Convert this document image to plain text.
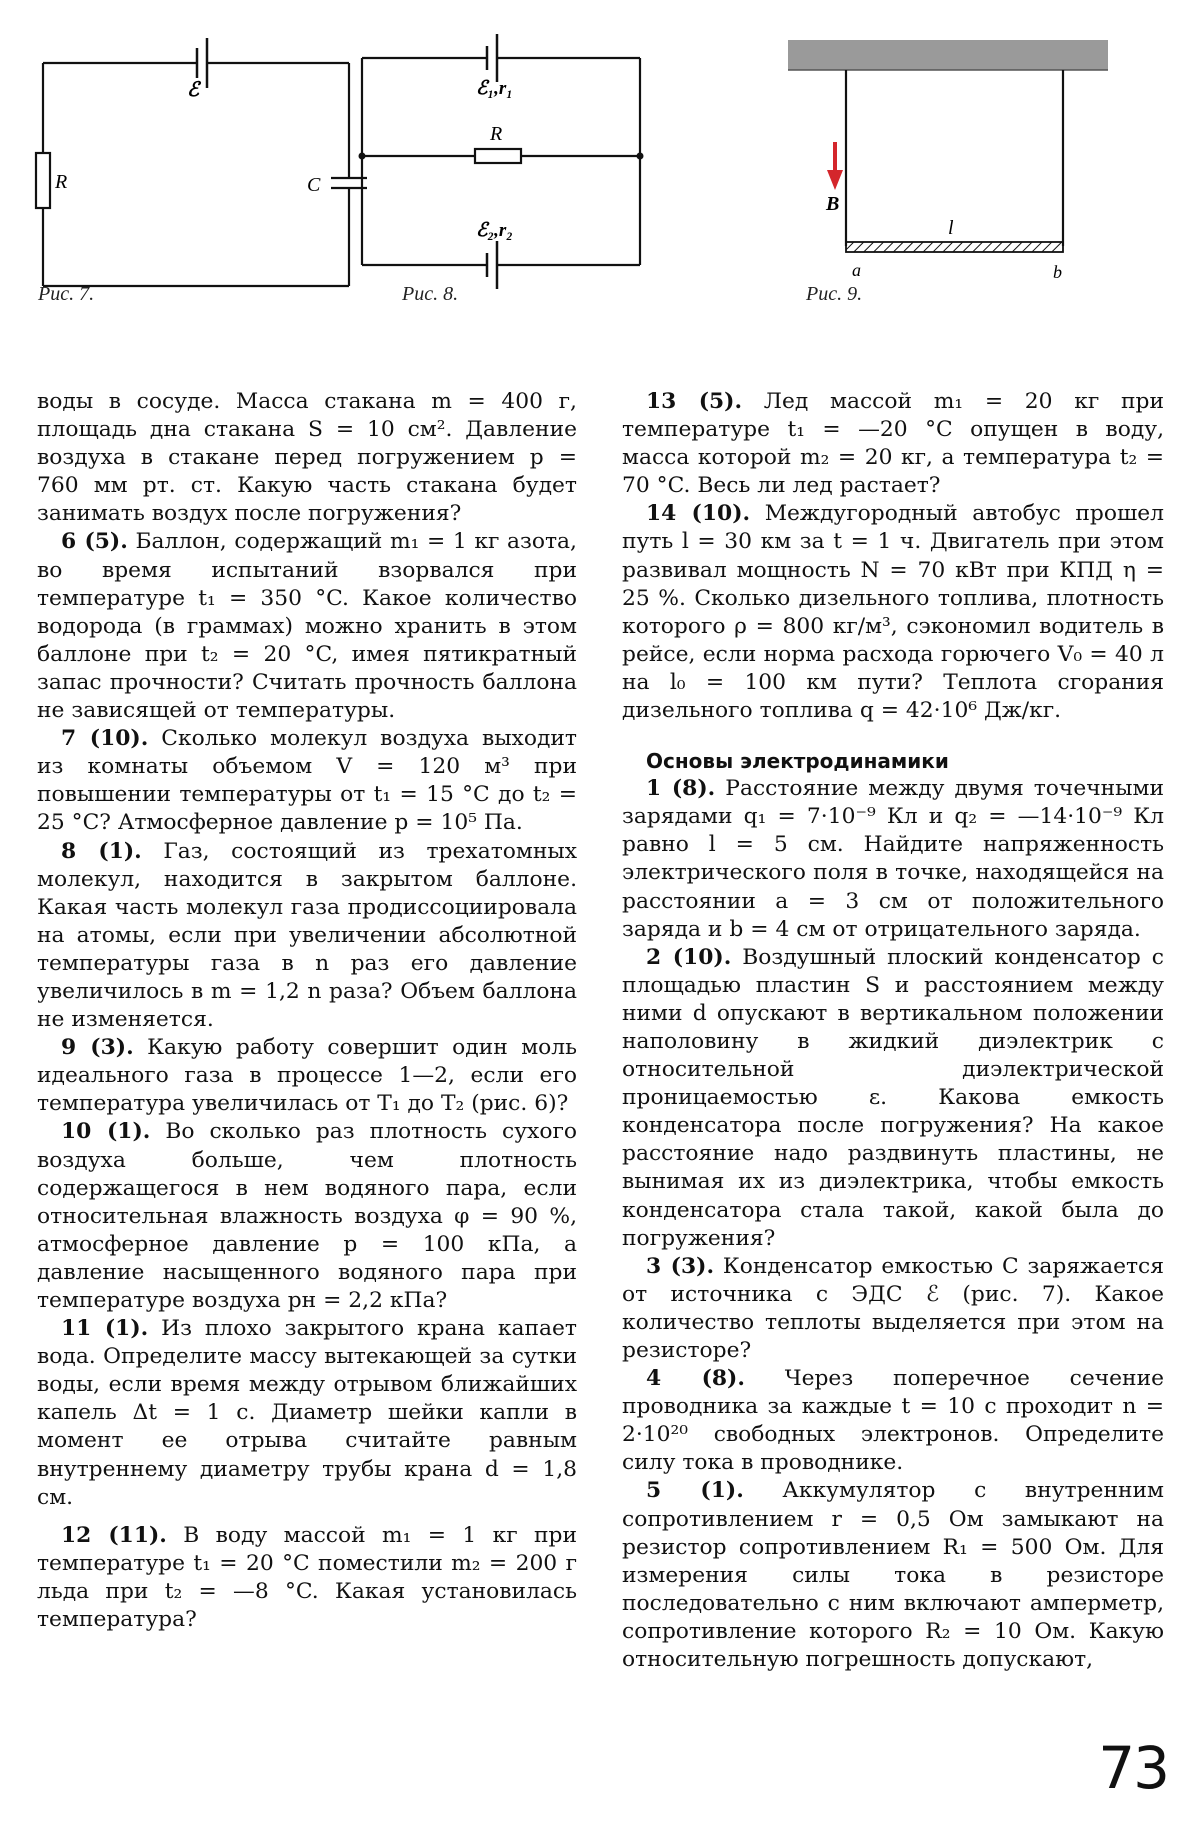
ℰ
R	C
Рис. 7.
ℰ₁,r₁
R
ℰ₂,r₂
Рис. 8.
B
l
a	b
Рис. 9.

воды в сосуде. Масса стакана m = 400 г, площадь дна стакана S = 10 см². Давление воздуха в стакане перед погружением p = 760 мм рт. ст. Какую часть стакана будет занимать воздух после погружения?

6 (5). Баллон, содержащий m₁ = 1 кг азота, во время испытаний взорвался при температуре t₁ = 350 °C. Какое количество водорода (в граммах) можно хранить в этом баллоне при t₂ = 20 °C, имея пятикратный запас прочности? Считать прочность баллона не зависящей от температуры.

7 (10). Сколько молекул воздуха выходит из комнаты объемом V = 120 м³ при повышении температуры от t₁ = 15 °C до t₂ = 25 °C? Атмосферное давление p = 10⁵ Па.

8 (1). Газ, состоящий из трехатомных молекул, находится в закрытом баллоне. Какая часть молекул газа продиссоциировала на атомы, если при увеличении абсолютной температуры газа в n раз его давление увеличилось в m = 1,2 n раза? Объем баллона не изменяется.

9 (3). Какую работу совершит один моль идеального газа в процессе 1—2, если его температура увеличилась от T₁ до T₂ (рис. 6)?

10 (1). Во сколько раз плотность сухого воздуха больше, чем плотность содержащегося в нем водяного пара, если относительная влажность воздуха φ = 90 %, атмосферное давление p = 100 кПа, а давление насыщенного водяного пара при температуре воздуха pн = 2,2 кПа?

11 (1). Из плохо закрытого крана капает вода. Определите массу вытекающей за сутки воды, если время между отрывом ближайших капель Δt = 1 с. Диаметр шейки капли в момент ее отрыва считайте равным внутреннему диаметру трубы крана d = 1,8 см.

12 (11). В воду массой m₁ = 1 кг при температуре t₁ = 20 °C поместили m₂ = 200 г льда при t₂ = —8 °C. Какая установилась температура?

13 (5). Лед массой m₁ = 20 кг при температуре t₁ = —20 °C опущен в воду, масса которой m₂ = 20 кг, а температура t₂ = 70 °C. Весь ли лед растает?

14 (10). Междугородный автобус прошел путь l = 30 км за t = 1 ч. Двигатель при этом развивал мощность N = 70 кВт при КПД η = 25 %. Сколько дизельного топлива, плотность которого ρ = 800 кг/м³, сэкономил водитель в рейсе, если норма расхода горючего V₀ = 40 л на l₀ = 100 км пути? Теплота сгорания дизельного топлива q = 42·10⁶ Дж/кг.

Основы электродинамики

1 (8). Расстояние между двумя точечными зарядами q₁ = 7·10⁻⁹ Кл и q₂ = —14·10⁻⁹ Кл равно l = 5 см. Найдите напряженность электрического поля в точке, находящейся на расстоянии a = 3 см от положительного заряда и b = 4 см от отрицательного заряда.

2 (10). Воздушный плоский конденсатор с площадью пластин S и расстоянием между ними d опускают в вертикальном положении наполовину в жидкий диэлектрик с относительной диэлектрической проницаемостью ε. Какова емкость конденсатора после погружения? На какое расстояние надо раздвинуть пластины, не вынимая их из диэлектрика, чтобы емкость конденсатора стала такой, какой была до погружения?

3 (3). Конденсатор емкостью C заряжается от источника с ЭДС ℰ (рис. 7). Какое количество теплоты выделяется при этом на резисторе?

4 (8). Через поперечное сечение проводника за каждые t = 10 с проходит n = 2·10²⁰ свободных электронов. Определите силу тока в проводнике.

5 (1). Аккумулятор с внутренним сопротивлением r = 0,5 Ом замыкают на резистор сопротивлением R₁ = 500 Ом. Для измерения силы тока в резисторе последовательно с ним включают амперметр, сопротивление которого R₂ = 10 Ом. Какую относительную погрешность допускают,

73
